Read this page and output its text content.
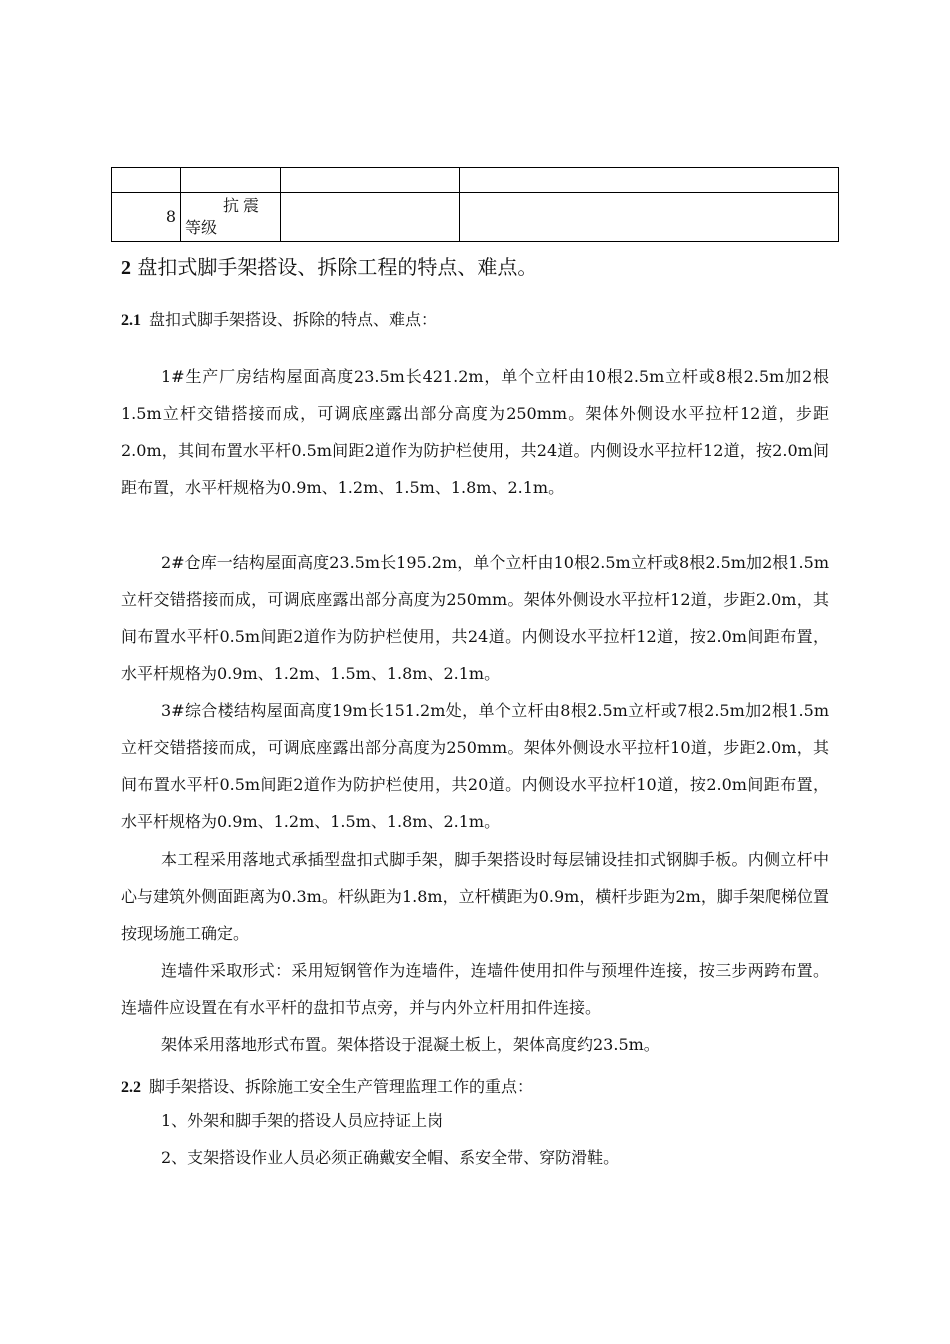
8	抗震
等级		

2 盘扣式脚手架搭设、拆除工程的特点、难点。
2.1 盘扣式脚手架搭设、拆除的特点、难点：

1#生产厂房结构屋面高度23.5m长421.2m，单个立杆由10根2.5m立杆或8根2.5m加2根1.5m立杆交错搭接而成，可调底座露出部分高度为250mm。架体外侧设水平拉杆12道，步距2.0m，其间布置水平杆0.5m间距2道作为防护栏使用，共24道。内侧设水平拉杆12道，按2.0m间距布置，水平杆规格为0.9m、1.2m、1.5m、1.8m、2.1m。

2#仓库一结构屋面高度23.5m长195.2m，单个立杆由10根2.5m立杆或8根2.5m加2根1.5m立杆交错搭接而成，可调底座露出部分高度为250mm。架体外侧设水平拉杆12道，步距2.0m，其间布置水平杆0.5m间距2道作为防护栏使用，共24道。内侧设水平拉杆12道，按2.0m间距布置，水平杆规格为0.9m、1.2m、1.5m、1.8m、2.1m。

3#综合楼结构屋面高度19m长151.2m处，单个立杆由8根2.5m立杆或7根2.5m加2根1.5m立杆交错搭接而成，可调底座露出部分高度为250mm。架体外侧设水平拉杆10道，步距2.0m，其间布置水平杆0.5m间距2道作为防护栏使用，共20道。内侧设水平拉杆10道，按2.0m间距布置，水平杆规格为0.9m、1.2m、1.5m、1.8m、2.1m。

本工程采用落地式承插型盘扣式脚手架，脚手架搭设时每层铺设挂扣式钢脚手板。内侧立杆中心与建筑外侧面距离为0.3m。杆纵距为1.8m，立杆横距为0.9m，横杆步距为2m，脚手架爬梯位置按现场施工确定。

连墙件采取形式：采用短钢管作为连墙件，连墙件使用扣件与预埋件连接，按三步两跨布置。连墙件应设置在有水平杆的盘扣节点旁，并与内外立杆用扣件连接。

架体采用落地形式布置。架体搭设于混凝土板上，架体高度约23.5m。

2.2 脚手架搭设、拆除施工安全生产管理监理工作的重点：
1、外架和脚手架的搭设人员应持证上岗
2、支架搭设作业人员必须正确戴安全帽、系安全带、穿防滑鞋。
